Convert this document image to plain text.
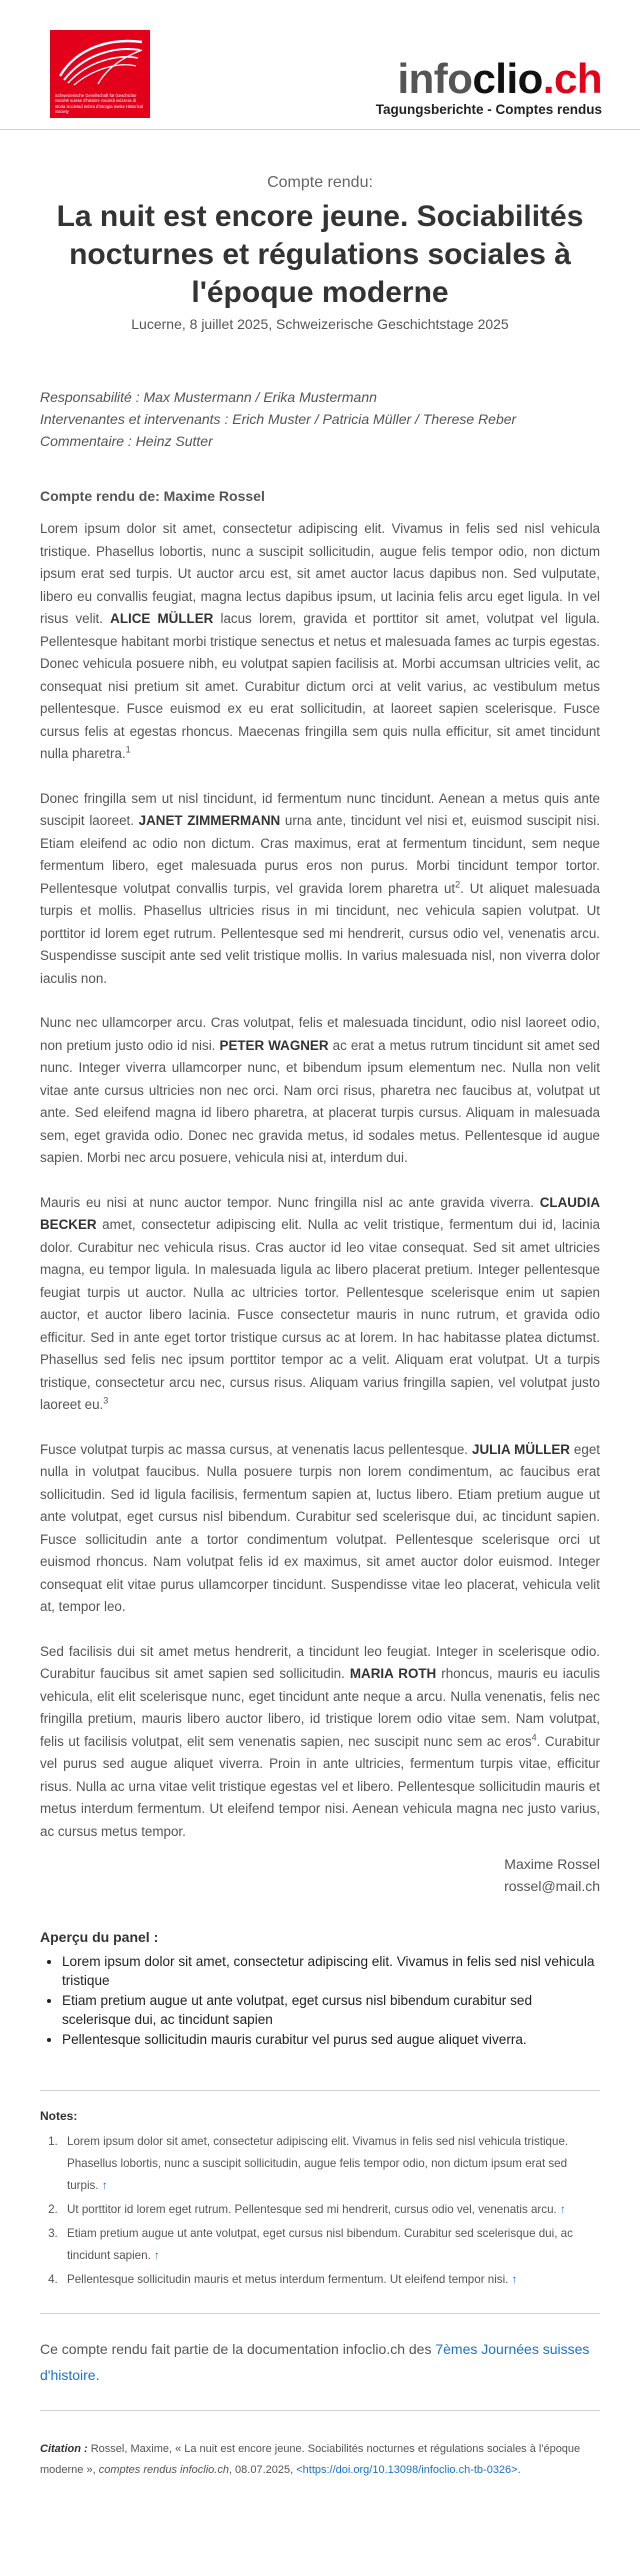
Schweizerische Gesellschaft für Geschichte Société suisse d'histoire Società svizzera di storia Societad svizra d'istorgia Swiss Historical Society
infoclio.ch
Tagungsberichte - Comptes rendus
Compte rendu:
La nuit est encore jeune. Sociabilités nocturnes et régulations sociales à l'époque moderne
Lucerne, 8 juillet 2025, Schweizerische Geschichtstage 2025
Responsabilité : Max Mustermann / Erika Mustermann
Intervenantes et intervenants : Erich Muster / Patricia Müller / Therese Reber
Commentaire : Heinz Sutter
Compte rendu de: Maxime Rossel

Lorem ipsum dolor sit amet, consectetur adipiscing elit. Vivamus in felis sed nisl vehicula tristique. Phasellus lobortis, nunc a suscipit sollicitudin, augue felis tempor odio, non dictum ipsum erat sed turpis. Ut auctor arcu est, sit amet auctor lacus dapibus non. Sed vulputate, libero eu convallis feugiat, magna lectus dapibus ipsum, ut lacinia felis arcu eget ligula. In vel risus velit. ALICE MÜLLER lacus lorem, gravida et porttitor sit amet, volutpat vel ligula. Pellentesque habitant morbi tristique senectus et netus et malesuada fames ac turpis egestas. Donec vehicula posuere nibh, eu volutpat sapien facilisis at. Morbi accumsan ultricies velit, ac consequat nisi pretium sit amet. Curabitur dictum orci at velit varius, ac vestibulum metus pellentesque. Fusce euismod ex eu erat sollicitudin, at laoreet sapien scelerisque. Fusce cursus felis at egestas rhoncus. Maecenas fringilla sem quis nulla efficitur, sit amet tincidunt nulla pharetra.$^1$

Donec fringilla sem ut nisl tincidunt, id fermentum nunc tincidunt. Aenean a metus quis ante suscipit laoreet. JANET ZIMMERMANN urna ante, tincidunt vel nisi et, euismod suscipit nisi. Etiam eleifend ac odio non dictum. Cras maximus, erat at fermentum tincidunt, sem neque fermentum libero, eget malesuada purus eros non purus. Morbi tincidunt tempor tortor. Pellentesque volutpat convallis turpis, vel gravida lorem pharetra $ut^2$. Ut aliquet malesuada turpis et mollis. Phasellus ultricies risus in mi tincidunt, nec vehicula sapien volutpat. Ut porttitor id lorem eget rutrum. Pellentesque sed mi hendrerit, cursus odio vel, venenatis arcu. Suspendisse suscipit ante sed velit tristique mollis. In varius malesuada nisl, non viverra dolor iaculis non.

Nunc nec ullamcorper arcu. Cras volutpat, felis et malesuada tincidunt, odio nisl laoreet odio, non pretium justo odio id nisi. PETER WAGNER ac erat a metus rutrum tincidunt sit amet sed nunc. Integer viverra ullamcorper nunc, et bibendum ipsum elementum nec. Nulla non velit vitae ante cursus ultricies non nec orci. Nam orci risus, pharetra nec faucibus at, volutpat ut ante. Sed eleifend magna id libero pharetra, at placerat turpis cursus. Aliquam in malesuada sem, eget gravida odio. Donec nec gravida metus, id sodales metus. Pellentesque id augue sapien. Morbi nec arcu posuere, vehicula nisi at, interdum dui.

Mauris eu nisi at nunc auctor tempor. Nunc fringilla nisl ac ante gravida viverra. CLAUDIA BECKER amet, consectetur adipiscing elit. Nulla ac velit tristique, fermentum dui id, lacinia dolor. Curabitur nec vehicula risus. Cras auctor id leo vitae consequat. Sed sit amet ultricies magna, eu tempor ligula. In malesuada ligula ac libero placerat pretium. Integer pellentesque feugiat turpis ut auctor. Nulla ac ultricies tortor. Pellentesque scelerisque enim ut sapien auctor, et auctor libero lacinia. Fusce consectetur mauris in nunc rutrum, et gravida odio efficitur. Sed in ante eget tortor tristique cursus ac at lorem. In hac habitasse platea dictumst. Phasellus sed felis nec ipsum porttitor tempor ac a velit. Aliquam erat volutpat. Ut a turpis tristique, consectetur arcu nec, cursus risus. Aliquam varius fringilla sapien, vel volutpat justo laoreet eu.$^3$

Fusce volutpat turpis ac massa cursus, at venenatis lacus pellentesque. JULIA MÜLLER eget nulla in volutpat faucibus. Nulla posuere turpis non lorem condimentum, ac faucibus erat sollicitudin. Sed id ligula facilisis, fermentum sapien at, luctus libero. Etiam pretium augue ut ante volutpat, eget cursus nisl bibendum. Curabitur sed scelerisque dui, ac tincidunt sapien. Fusce sollicitudin ante a tortor condimentum volutpat. Pellentesque scelerisque orci ut euismod rhoncus. Nam volutpat felis id ex maximus, sit amet auctor dolor euismod. Integer consequat elit vitae purus ullamcorper tincidunt. Suspendisse vitae leo placerat, vehicula velit at, tempor leo.

Sed facilisis dui sit amet metus hendrerit, a tincidunt leo feugiat. Integer in scelerisque odio. Curabitur faucibus sit amet sapien sed sollicitudin. MARIA ROTH rhoncus, mauris eu iaculis vehicula, elit elit scelerisque nunc, eget tincidunt ante neque a arcu. Nulla venenatis, felis nec fringilla pretium, mauris libero auctor libero, id tristique lorem odio vitae sem. Nam volutpat, felis ut facilisis volutpat, elit sem venenatis sapien, nec suscipit nunc sem ac eros$^4$. Curabitur vel purus sed augue aliquet viverra. Proin in ante ultricies, fermentum turpis vitae, efficitur risus. Nulla ac urna vitae velit tristique egestas vel et libero. Pellentesque sollicitudin mauris et metus interdum fermentum. Ut eleifend tempor nisi. Aenean vehicula magna nec justo varius, ac cursus metus tempor.

Maxime Rossel
rossel@mail.ch
Aperçu du panel :
• Lorem ipsum dolor sit amet, consectetur adipiscing elit. Vivamus in felis sed nisl vehicula tristique
• Etiam pretium augue ut ante volutpat, eget cursus nisl bibendum curabitur sed scelerisque dui, ac tincidunt sapien
• Pellentesque sollicitudin mauris curabitur vel purus sed augue aliquet viverra.
Notes:
1. Lorem ipsum dolor sit amet, consectetur adipiscing elit. Vivamus in felis sed nisl vehicula tristique. Phasellus lobortis, nunc a suscipit sollicitudin, augue felis tempor odio, non dictum ipsum erat sed turpis. ↑
2. Ut porttitor id lorem eget rutrum. Pellentesque sed mi hendrerit, cursus odio vel, venenatis arcu. ↑
3. Etiam pretium augue ut ante volutpat, eget cursus nisl bibendum. Curabitur sed scelerisque dui, ac tincidunt sapien. ↑
4. Pellentesque sollicitudin mauris et metus interdum fermentum. Ut eleifend tempor nisi. ↑
Ce compte rendu fait partie de la documentation infoclio.ch des 7èmes Journées suisses d'histoire.
Citation : Rossel, Maxime, « La nuit est encore jeune. Sociabilités nocturnes et régulations sociales à l'époque moderne », comptes rendus infoclio.ch, 08.07.2025, <https://doi.org/10.13098/infoclio.ch-tb-0326>.
